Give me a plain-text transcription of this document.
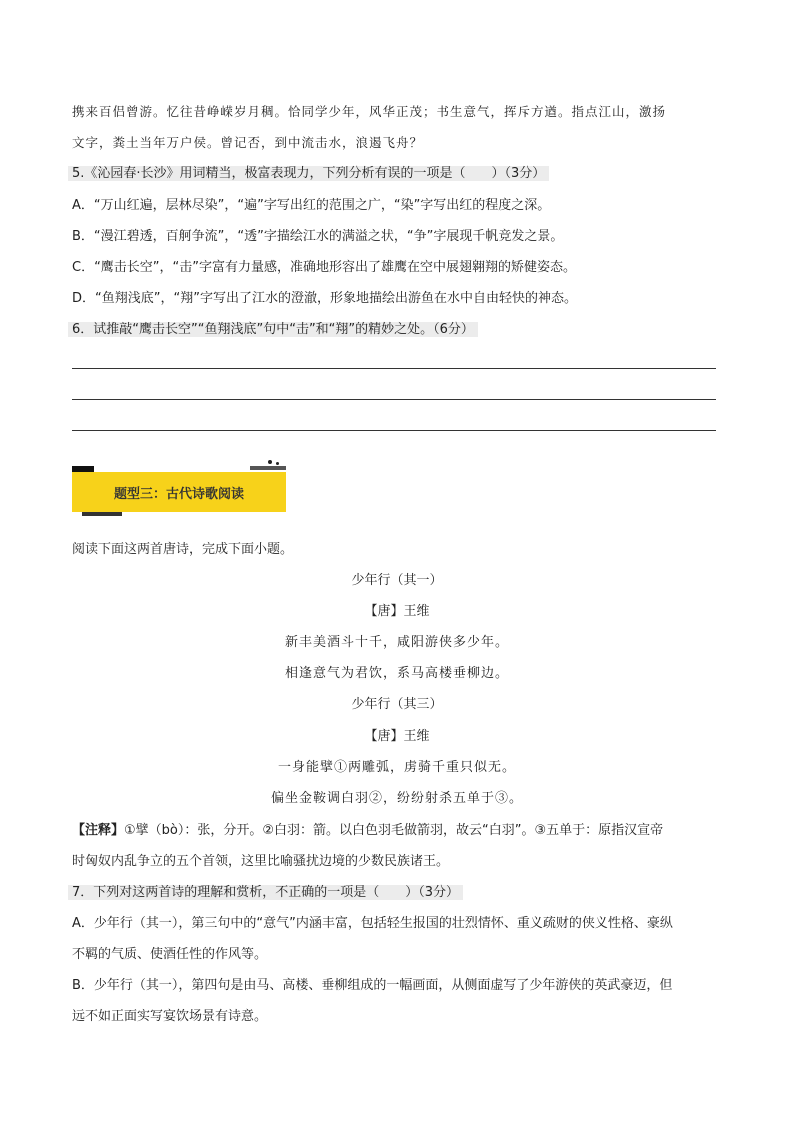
携来百侣曾游。忆往昔峥嵘岁月稠。恰同学少年，风华正茂；书生意气，挥斥方遒。指点江山，激扬
文字，粪土当年万户侯。曾记否，到中流击水，浪遏飞舟？
5.《沁园春·长沙》用词精当，极富表现力，下列分析有误的一项是（　　）（3分）
A．“万山红遍，层林尽染”，“遍”字写出红的范围之广，“染”字写出红的程度之深。
B．“漫江碧透，百舸争流”，“透”字描绘江水的满溢之状，“争”字展现千帆竞发之景。
C．“鹰击长空”，“击”字富有力量感，准确地形容出了雄鹰在空中展翅翱翔的矫健姿态。
D．“鱼翔浅底”，“翔”字写出了江水的澄澈，形象地描绘出游鱼在水中自由轻快的神态。
6．试推敲“鹰击长空”“鱼翔浅底”句中“击”和“翔”的精妙之处。（6分）
题型三：古代诗歌阅读
阅读下面这两首唐诗，完成下面小题。
少年行（其一）
【唐】王维
新丰美酒斗十千，咸阳游侠多少年。
相逢意气为君饮，系马高楼垂柳边。
少年行（其三）
【唐】王维
一身能擘①两雕弧，虏骑千重只似无。
偏坐金鞍调白羽②，纷纷射杀五单于③。
【注释】①擘（bò）：张，分开。②白羽：箭。以白色羽毛做箭羽，故云“白羽”。③五单于：原指汉宣帝
时匈奴内乱争立的五个首领，这里比喻骚扰边境的少数民族诸王。
7．下列对这两首诗的理解和赏析，不正确的一项是（　　）（3分）
A．少年行（其一），第三句中的“意气”内涵丰富，包括轻生报国的壮烈情怀、重义疏财的侠义性格、豪纵
不羁的气质、使酒任性的作风等。
B．少年行（其一），第四句是由马、高楼、垂柳组成的一幅画面，从侧面虚写了少年游侠的英武豪迈，但
远不如正面实写宴饮场景有诗意。
